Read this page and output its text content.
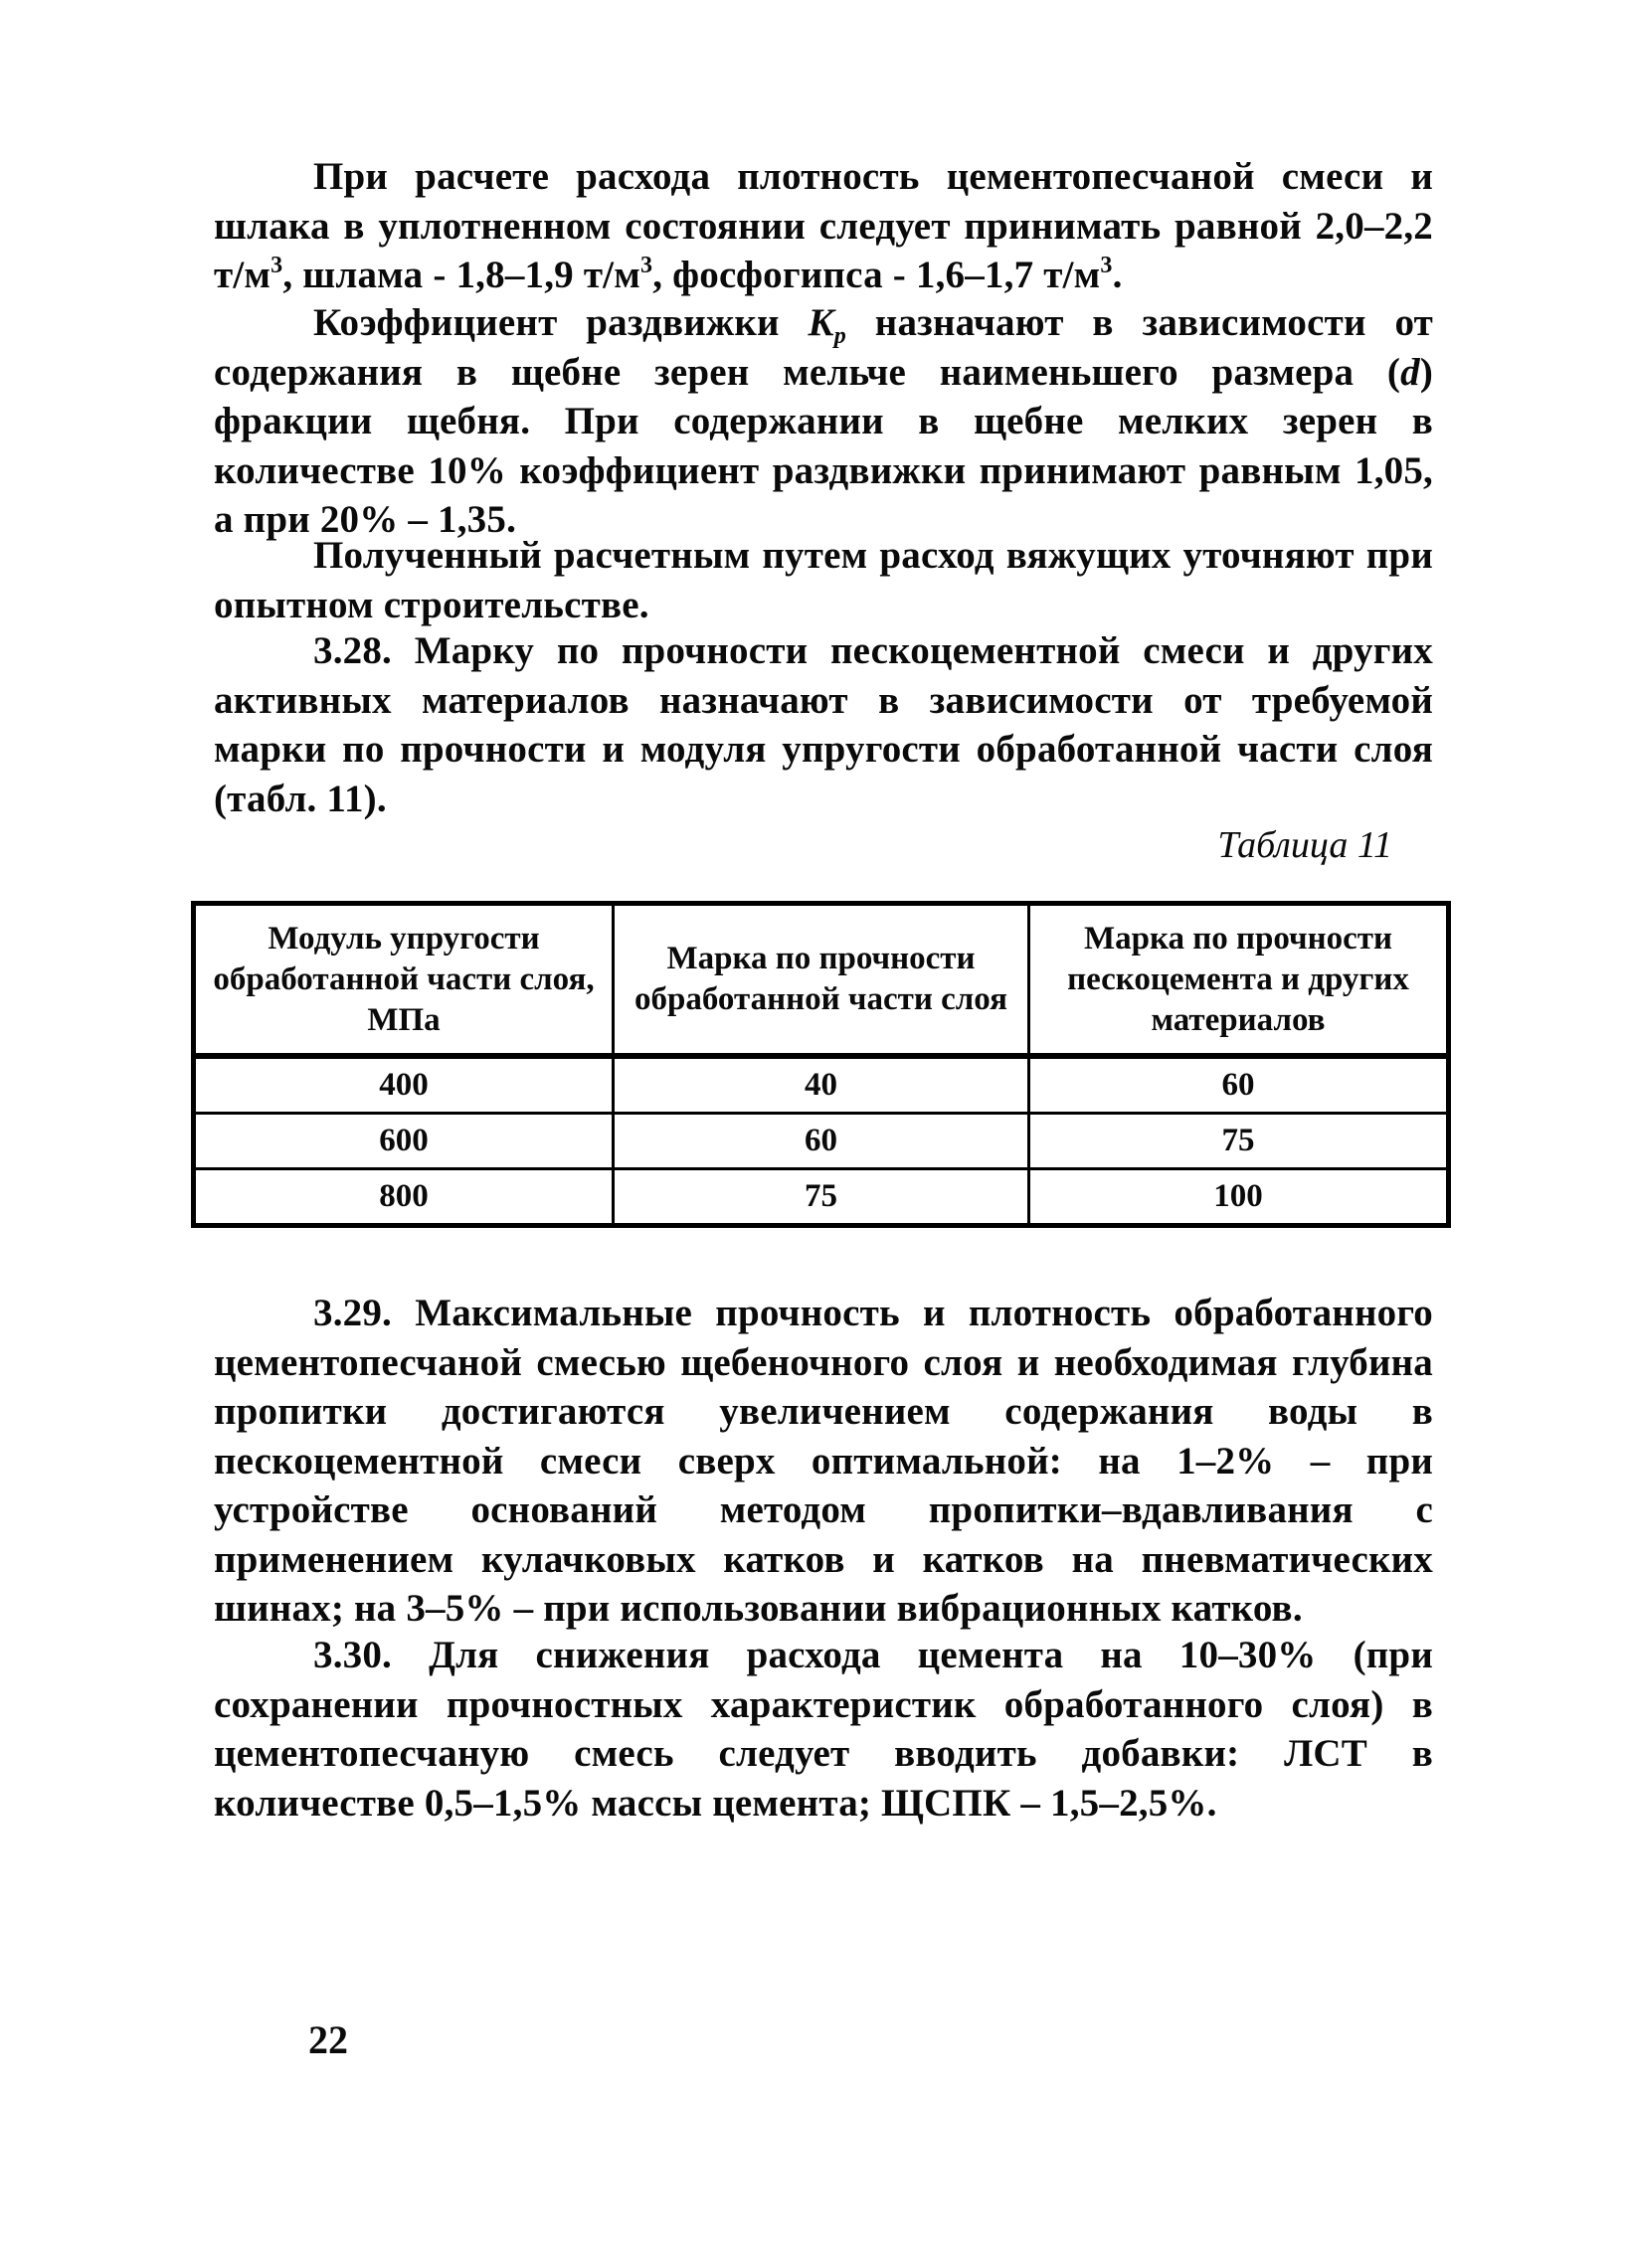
При расчете расхода плотность цементопесчаной смеси и шлака в уплотненном состоянии следует принимать равной 2,0–2,2 $т/м^3$, шлама - 1,8–1,9 $т/м^3$, фосфогипса - 1,6–1,7 $т/м^3$.

Коэффициент раздвижки $K_p$ назначают в зависимости от содержания в щебне зерен мельче наименьшего размера (d) фракции щебня. При содержании в щебне мелких зерен в количестве 10% коэффициент раздвижки принимают равным 1,05, а при 20% – 1,35.

Полученный расчетным путем расход вяжущих уточняют при опытном строительстве.

3.28. Марку по прочности пескоцементной смеси и других активных материалов назначают в зависимости от требуемой марки по прочности и модуля упругости обработанной части слоя (табл. 11).

Таблица 11
Модуль упругости обработанной части слоя, МПа	Марка по прочности обработанной части слоя	Марка по прочности пескоцемента и других материалов
400	40	60
600	60	75
800	75	100

3.29. Максимальные прочность и плотность обработанного цементопесчаной смесью щебеночного слоя и необходимая глубина пропитки достигаются увеличением содержания воды в пескоцементной смеси сверх оптимальной: на 1–2% – при устройстве оснований методом пропитки–вдавливания с применением кулачковых катков и катков на пневматических шинах; на 3–5% – при использовании вибрационных катков.

3.30. Для снижения расхода цемента на 10–30% (при сохранении прочностных характеристик обработанного слоя) в цементопесчаную смесь следует вводить добавки: ЛСТ в количестве 0,5–1,5% массы цемента; ЩСПК – 1,5–2,5%.

22
